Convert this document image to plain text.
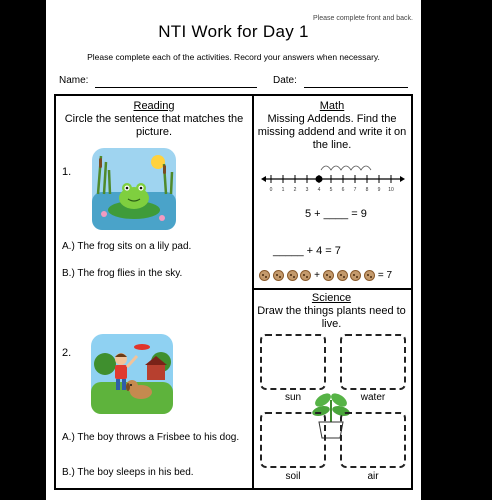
Please complete front and back.
NTI Work for Day 1
Please complete each of the activities. Record your answers when necessary.
Name:	Date:
Reading
Circle the sentence that matches the picture.
1.
A.) The frog sits on a lily pad.
B.) The frog flies in the sky.
2.
A.) The boy throws a Frisbee to his dog.
B.) The boy sleeps in his bed.
Math
Missing Addends. Find the missing addend and write it on the line.
0	1	2	3	4	5	6	7	8	9	10
5 + ____ = 9
_____ + 4 = 7
+	= 7
Science
Draw the things plants need to live.
sun	water
soil	air
